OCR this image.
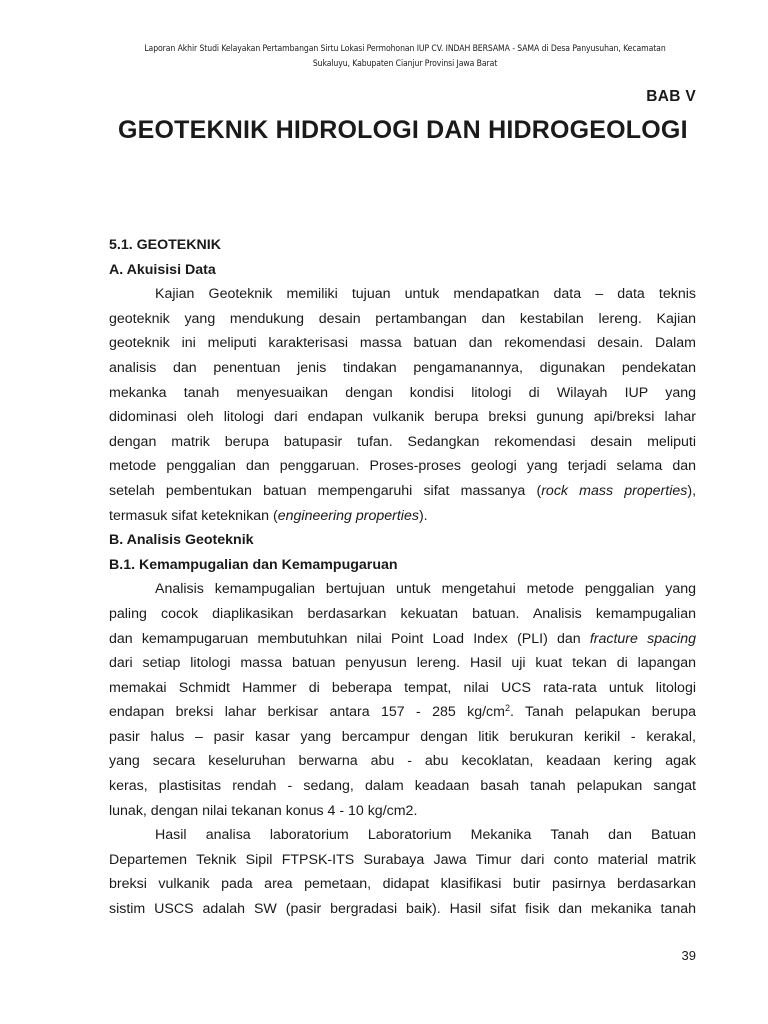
Laporan Akhir Studi Kelayakan Pertambangan Sirtu Lokasi Permohonan IUP CV. INDAH BERSAMA - SAMA di Desa Panyusuhan, Kecamatan
Sukaluyu, Kabupaten Cianjur Provinsi Jawa Barat
BAB V
GEOTEKNIK HIDROLOGI DAN HIDROGEOLOGI
5.1. GEOTEKNIK
A. Akuisisi Data
Kajian Geoteknik memiliki tujuan untuk mendapatkan data – data teknis
geoteknik yang mendukung desain pertambangan dan kestabilan lereng. Kajian
geoteknik ini meliputi karakterisasi massa batuan dan rekomendasi desain. Dalam
analisis dan penentuan jenis tindakan pengamanannya, digunakan pendekatan
mekanka tanah menyesuaikan dengan kondisi litologi di Wilayah IUP yang
didominasi oleh litologi dari endapan vulkanik berupa breksi gunung api/breksi lahar
dengan matrik berupa batupasir tufan. Sedangkan rekomendasi desain meliputi
metode penggalian dan penggaruan. Proses-proses geologi yang terjadi selama dan
setelah pembentukan batuan mempengaruhi sifat massanya (rock mass properties),
termasuk sifat keteknikan (engineering properties).
B. Analisis Geoteknik
B.1. Kemampugalian dan Kemampugaruan
Analisis kemampugalian bertujuan untuk mengetahui metode penggalian yang
paling cocok diaplikasikan berdasarkan kekuatan batuan. Analisis kemampugalian
dan kemampugaruan membutuhkan nilai Point Load Index (PLI) dan fracture spacing
dari setiap litologi massa batuan penyusun lereng. Hasil uji kuat tekan di lapangan
memakai Schmidt Hammer di beberapa tempat, nilai UCS rata-rata untuk litologi
endapan breksi lahar berkisar antara 157 - 285 $kg/cm^2$. Tanah pelapukan berupa
pasir halus – pasir kasar yang bercampur dengan litik berukuran kerikil - kerakal,
yang secara keseluruhan berwarna abu - abu kecoklatan, keadaan kering agak
keras, plastisitas rendah - sedang, dalam keadaan basah tanah pelapukan sangat
lunak, dengan nilai tekanan konus 4 - 10 kg/cm2.
Hasil analisa laboratorium Laboratorium Mekanika Tanah dan Batuan
Departemen Teknik Sipil FTPSK-ITS Surabaya Jawa Timur dari conto material matrik
breksi vulkanik pada area pemetaan, didapat klasifikasi butir pasirnya berdasarkan
sistim USCS adalah SW (pasir bergradasi baik). Hasil sifat fisik dan mekanika tanah
39
